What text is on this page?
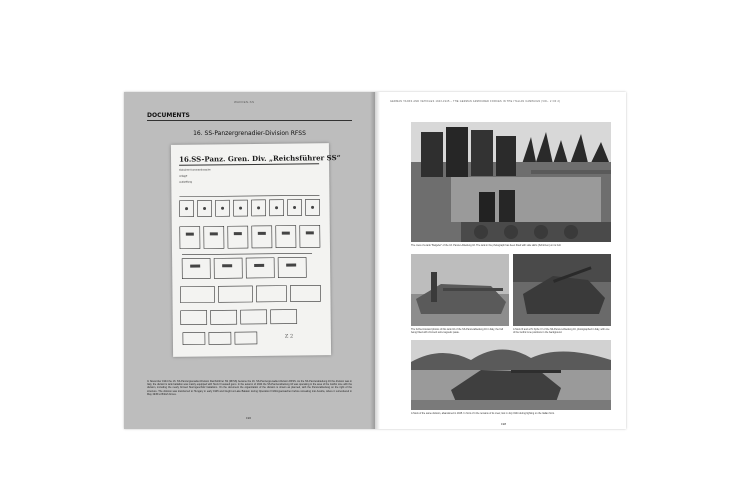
WAFFEN-SS
DOCUMENTS
16. SS-Panzergrenadier-Division RFSS
16.SS-Panz. Gren. Div. „Reichsführer SS“
Geheime Kommandosache
Anlage
Aufstellung
Z 2
In November 1944 the 16. SS-Panzergrenadier-Division Reichsführer SS (RFSS) became the 16. SS-Panzergrenadier-Division RFSS. As the SS-Panzerabteilung 16 the division was in Italy, the division's tank battalion was mainly equipped with StuG III assault guns. In the autumn of 1944 the SS-Panzerabteilung 16 was operating in the area of the Gothic Line with the division, including the newly formed Sturmgeschütz battalions. On the document the organization of the division is shown as planned, with the Panzerabteilung on the right of the structure. The division was transferred to Hungary in early 1945 and fought at Lake Balaton during Operation Frühlingserwachen before retreating into Austria, where it surrendered in May 1945 to British forces.
196
GERMAN TANKS AND VEHICLES 1943-1945 – THE GERMAN ARMOURED FORCES IN THE ITALIAN CAMPAIGN (VOL. 2 OF 2)
The crew of a tank "Belgefer" of the 16. Panzer-Abteilung 16. The tank in the photograph has been fitted with side skirts (Schürzen) on its hull.
The further-forward photos of this tank 16 of the SS-Panzerabteilung 16 in Italy, the hull being fitted with zimmerit anti-magnetic paste.
A StuG III and a Pz.Kpfw. IV of the SS-Panzer-Abteilung 16, photographed in Italy, with one of the Gothic Line positions in the background.
A StuG of the same division, abandoned in 1945. In front of it the remains of its crew; lost in July 1944 during fighting on the Italian front.
198
